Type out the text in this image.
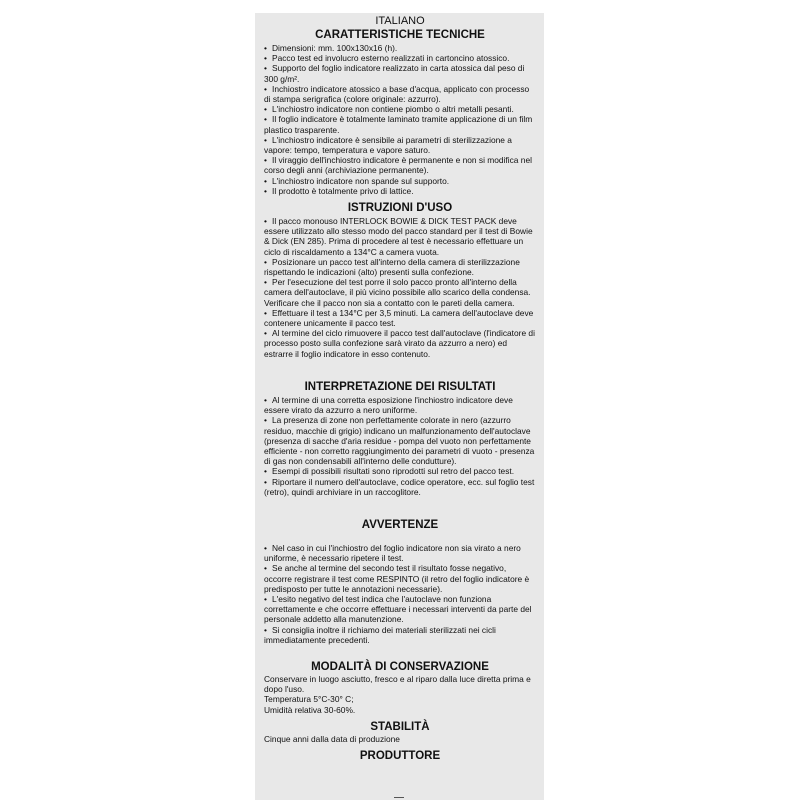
ITALIANO
CARATTERISTICHE TECNICHE
• Dimensioni: mm. 100x130x16 (h).
• Pacco test ed involucro esterno realizzati in cartoncino atossico.
• Supporto del foglio indicatore realizzato in carta atossica dal peso di 300 g/m².
• Inchiostro indicatore atossico a base d'acqua, applicato con processo di stampa serigrafica (colore originale: azzurro).
• L'inchiostro indicatore non contiene piombo o altri metalli pesanti.
• Il foglio indicatore è totalmente laminato tramite applicazione di un film plastico trasparente.
• L'inchiostro indicatore è sensibile ai parametri di sterilizzazione a vapore: tempo, temperatura e vapore saturo.
• Il viraggio dell'inchiostro indicatore è permanente e non si modifica nel corso degli anni (archiviazione permanente).
• L'inchiostro indicatore non spande sul supporto.
• Il prodotto è totalmente privo di lattice.
ISTRUZIONI D'USO
• Il pacco monouso INTERLOCK BOWIE & DICK TEST PACK deve essere utilizzato allo stesso modo del pacco standard per il test di Bowie & Dick (EN 285). Prima di procedere al test è necessario effettuare un ciclo di riscaldamento a 134°C a camera vuota.
• Posizionare un pacco test all'interno della camera di sterilizzazione rispettando le indicazioni (alto) presenti sulla confezione.
• Per l'esecuzione del test porre il solo pacco pronto all'interno della camera dell'autoclave, il più vicino possibile allo scarico della condensa. Verificare che il pacco non sia a contatto con le pareti della camera.
• Effettuare il test a 134°C per 3,5 minuti. La camera dell'autoclave deve contenere unicamente il pacco test.
• Al termine del ciclo rimuovere il pacco test dall'autoclave (l'indicatore di processo posto sulla confezione sarà virato da azzurro a nero) ed estrarre il foglio indicatore in esso contenuto.
INTERPRETAZIONE DEI RISULTATI
• Al termine di una corretta esposizione l'inchiostro indicatore deve essere virato da azzurro a nero uniforme.
• La presenza di zone non perfettamente colorate in nero (azzurro residuo, macchie di grigio) indicano un malfunzionamento dell'autoclave (presenza di sacche d'aria residue - pompa del vuoto non perfettamente efficiente - non corretto raggiungimento dei parametri di vuoto - presenza di gas non condensabili all'interno delle condutture).
• Esempi di possibili risultati sono riprodotti sul retro del pacco test.
• Riportare il numero dell'autoclave, codice operatore, ecc. sul foglio test (retro), quindi archiviare in un raccoglitore.
AVVERTENZE
• Nel caso in cui l'inchiostro del foglio indicatore non sia virato a nero uniforme, è necessario ripetere il test.
• Se anche al termine del secondo test il risultato fosse negativo, occorre registrare il test come RESPINTO (il retro del foglio indicatore è predisposto per tutte le annotazioni necessarie).
• L'esito negativo del test indica che l'autoclave non funziona correttamente e che occorre effettuare i necessari interventi da parte del personale addetto alla manutenzione.
• Si consiglia inoltre il richiamo dei materiali sterilizzati nei cicli immediatamente precedenti.
MODALITÀ DI CONSERVAZIONE

Conservare in luogo asciutto, fresco e al riparo dalla luce diretta prima e dopo l'uso.

Temperatura 5°C-30° C;

Umidità relativa 30-60%.

STABILITÀ

Cinque anni dalla data di produzione

PRODUTTORE
